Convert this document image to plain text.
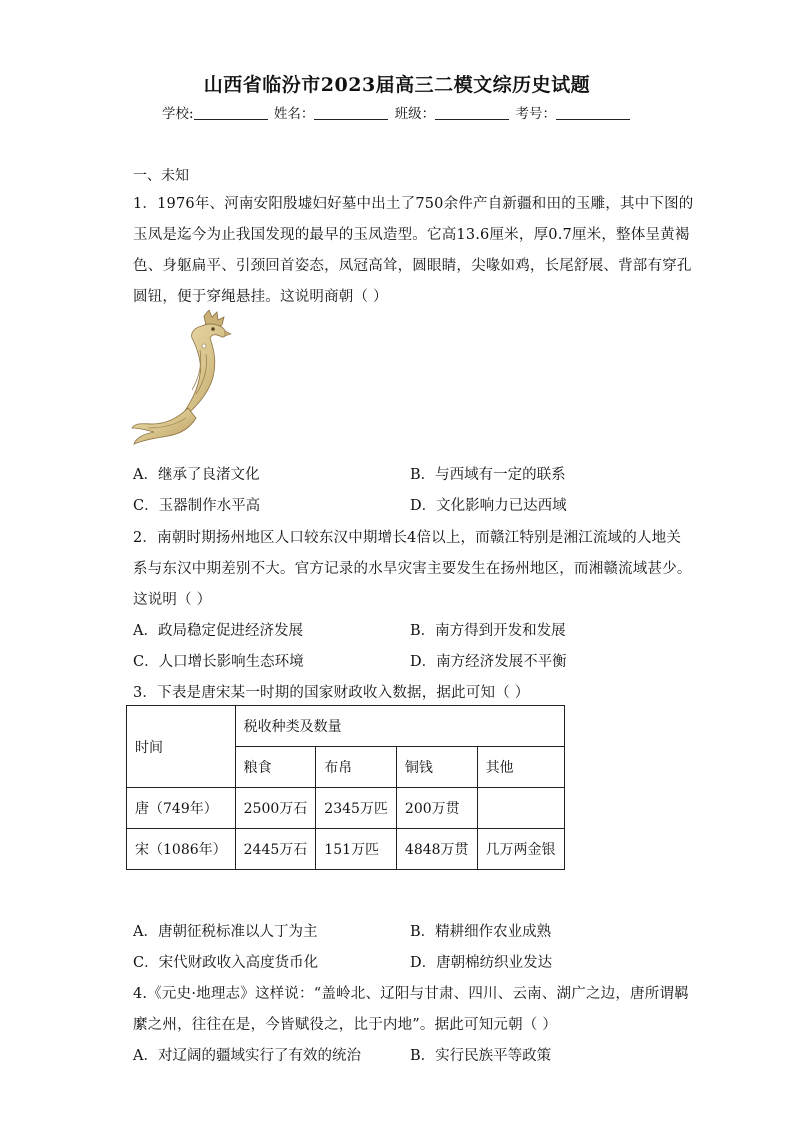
山西省临汾市2023届高三二模文综历史试题
学校:	姓名：	班级：	考号：
一、未知
1．1976年、河南安阳殷墟妇好墓中出土了750余件产自新疆和田的玉雕，其中下图的
玉凤是迄今为止我国发现的最早的玉凤造型。它高13.6厘米，厚0.7厘米，整体呈黄褐
色、身躯扁平、引颈回首姿态，凤冠高耸，圆眼睛，尖喙如鸡，长尾舒展、背部有穿孔
圆钮，便于穿绳悬挂。这说明商朝（ ）
A．继承了良渚文化	B．与西域有一定的联系
C．玉器制作水平高	D．文化影响力已达西域
2．南朝时期扬州地区人口较东汉中期增长4倍以上，而赣江特别是湘江流域的人地关
系与东汉中期差别不大。官方记录的水旱灾害主要发生在扬州地区，而湘赣流域甚少。
这说明（ ）
A．政局稳定促进经济发展	B．南方得到开发和发展
C．人口增长影响生态环境	D．南方经济发展不平衡
3．下表是唐宋某一时期的国家财政收入数据，据此可知（ ）
时间	税收种类及数量			
	粮食	布帛	铜钱	其他
唐（749年）	2500万石	2345万匹	200万贯	
宋（1086年）	2445万石	151万匹	4848万贯	几万两金银
A．唐朝征税标准以人丁为主	B．精耕细作农业成熟
C．宋代财政收入高度货币化	D．唐朝棉纺织业发达
4.《元史·地理志》这样说：“盖岭北、辽阳与甘肃、四川、云南、湖广之边，唐所谓羁
縻之州，往往在是，今皆赋役之，比于内地”。据此可知元朝（ ）
A．对辽阔的疆域实行了有效的统治	B．实行民族平等政策
